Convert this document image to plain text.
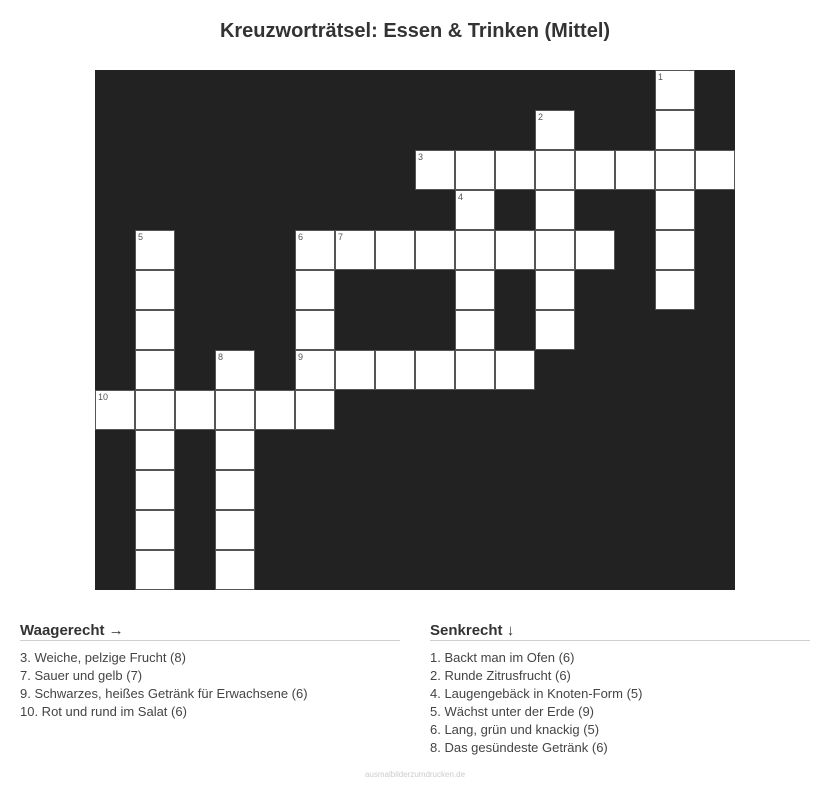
Kreuzworträtsel: Essen & Trinken (Mittel)
1
2
3
4
5	6
9
7
8
10
Waagerecht →
3. Weiche, pelzige Frucht (8)
7. Sauer und gelb (7)
9. Schwarzes, heißes Getränk für Erwachsene (6)
10. Rot und rund im Salat (6)
Senkrecht ↓
1. Backt man im Ofen (6)
2. Runde Zitrusfrucht (6)
4. Laugengebäck in Knoten-Form (5)
5. Wächst unter der Erde (9)
6. Lang, grün und knackig (5)
8. Das gesündeste Getränk (6)
ausmalbilderzumdrucken.de
